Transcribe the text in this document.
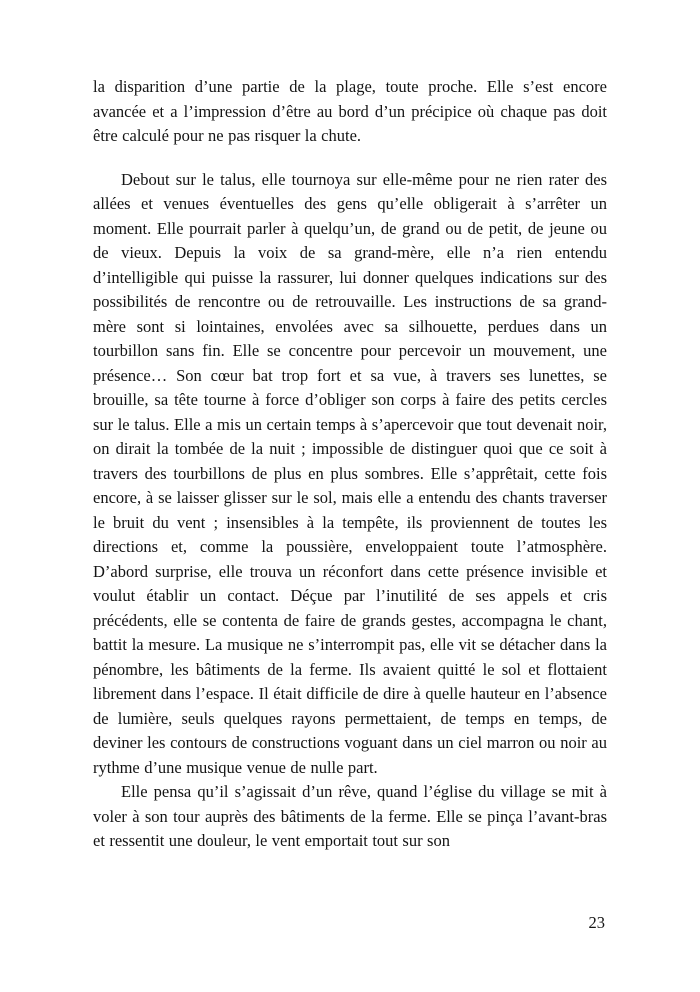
la disparition d’une partie de la plage, toute proche. Elle s’est encore avancée et a l’impression d’être au bord d’un précipice où chaque pas doit être calculé pour ne pas risquer la chute.

Debout sur le talus, elle tournoya sur elle-même pour ne rien rater des allées et venues éventuelles des gens qu’elle obligerait à s’arrêter un moment. Elle pourrait parler à quelqu’un, de grand ou de petit, de jeune ou de vieux. Depuis la voix de sa grand-mère, elle n’a rien entendu d’intelligible qui puisse la rassurer, lui donner quelques indications sur des possibilités de rencontre ou de retrouvaille. Les instructions de sa grand-mère sont si lointaines, envolées avec sa silhouette, perdues dans un tourbillon sans fin. Elle se concentre pour percevoir un mouvement, une présence… Son cœur bat trop fort et sa vue, à travers ses lunettes, se brouille, sa tête tourne à force d’obliger son corps à faire des petits cercles sur le talus. Elle a mis un certain temps à s’apercevoir que tout devenait noir, on dirait la tombée de la nuit ; impossible de distinguer quoi que ce soit à travers des tourbillons de plus en plus sombres. Elle s’apprêtait, cette fois encore, à se laisser glisser sur le sol, mais elle a entendu des chants traverser le bruit du vent ; insensibles à la tempête, ils proviennent de toutes les directions et, comme la poussière, enveloppaient toute l’atmosphère. D’abord surprise, elle trouva un réconfort dans cette présence invisible et voulut établir un contact. Déçue par l’inutilité de ses appels et cris précédents, elle se contenta de faire de grands gestes, accompagna le chant, battit la mesure. La musique ne s’interrompit pas, elle vit se détacher dans la pénombre, les bâtiments de la ferme. Ils avaient quitté le sol et flottaient librement dans l’espace. Il était difficile de dire à quelle hauteur en l’absence de lumière, seuls quelques rayons permettaient, de temps en temps, de deviner les contours de constructions voguant dans un ciel marron ou noir au rythme d’une musique venue de nulle part.

Elle pensa qu’il s’agissait d’un rêve, quand l’église du village se mit à voler à son tour auprès des bâtiments de la ferme. Elle se pinça l’avant-bras et ressentit une douleur, le vent emportait tout sur son

23
